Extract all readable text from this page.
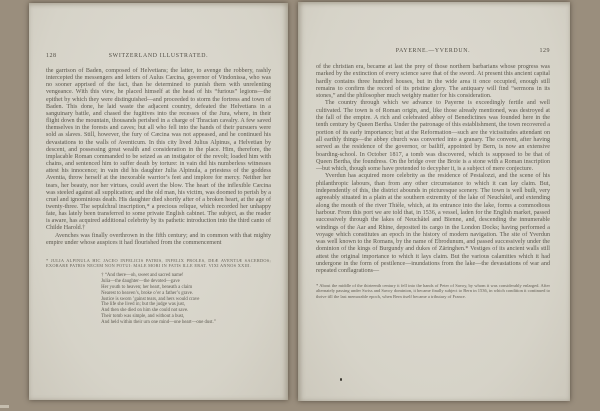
128	SWITZERLAND ILLUSTRATED.

the garrison of Baden, composed of Helvetians; the latter, to avenge the robbery, rashly intercepted the messengers and letters of Aulus Cæcina, governor of Vindonissa, who was no sooner apprised of the fact, than he determined to punish them with unrelenting vengeance. With this view, he placed himself at the head of his “furious” legions—the epithet by which they were distinguished—and proceeded to storm the fortress and town of Baden. This done, he laid waste the adjacent country, defeated the Helvetians in a sanguinary battle, and chased the fugitives into the recesses of the Jura, where, in their flight down the mountain, thousands perished in a charge of Thracian cavalry. A few saved themselves in the forests and caves; but all who fell into the hands of their pursuers were sold as slaves. Still, however, the fury of Cæcina was not appeased, and he continued his devastations to the walls of Aventicum. In this city lived Julius Alpinus, a Helvetian by descent, and possessing great wealth and consideration in the place. Him, therefore, the implacable Roman commanded to be seized as an instigator of the revolt; loaded him with chains, and sentenced him to suffer death by torture: in vain did his numberless witnesses attest his innocence; in vain did his daughter Julia Alpinula, a priestess of the goddess Aventia, throw herself at the inexorable warrior’s feet and implore for mercy. Neither her tears, her beauty, nor her virtues, could avert the blow. The heart of the inflexible Cæcina was steeled against all supplication; and the old man, his victim, was doomed to perish by a cruel and ignominious death. His daughter died shortly after of a broken heart, at the age of twenty-three. The sepulchral inscription,* a precious relique, which recorded her unhappy fate, has lately been transferred to some private English cabinet. The subject, as the reader is aware, has acquired additional celebrity by its pathetic introduction into the third canto of Childe Harold.†

Avenches was finally overthrown in the fifth century; and in common with that mighty empire under whose auspices it had flourished from the commencement

* JULIA ALPINULA HIC JACEO INFELICIS PATRIS, INFELIX PROLES, DEÆ AVENTIÆ SACERDOS; EXORARE PATRIS NECEM NON POTUI: MALE MORI IN FATIS ILLE ERAT. VIXI ANNOS XXIII.

† “And there—oh, sweet and sacred name!
Julia—the daughter—the devoted—gave
Her youth to heaven; her heart, beneath a claim
Nearest to heaven’s, broke o’er a father’s grave.
Justice is sworn ’gainst tears, and hers would crave
The life she lived in; but the judge was just,
And then she died on him she could not save.
Their tomb was simple, and without a bust,
And held within their urn one mind—one heart—one dust.”
PAYERNE.—YVERDUN.	129

of the christian era, became at last the prey of those northern barbarians whose progress was marked by the extinction of every science save that of the sword. At present this ancient capital hardly contains three hundred houses, but in the wide area it once occupied, enough still remains to confirm the record of its pristine glory. The antiquary will find “sermons in its stones,” and the philosopher much weighty matter for his consideration.

The country through which we advance to Payerne is exceedingly fertile and well cultivated. The town is of Roman origin, and, like those already mentioned, was destroyed at the fall of the empire. A rich and celebrated abbey of Benedictines was founded here in the tenth century by Queen Bertha. Under the patronage of this establishment, the town recovered a portion of its early importance; but at the Reformation—such are the vicissitudes attendant on all earthly things—the abbey church was converted into a granary. The convent, after having served as the residence of the governor, or bailiff, appointed by Bern, is now an extensive boarding-school. In October 1817, a tomb was discovered, which is supposed to be that of Queen Bertha, the foundress. On the bridge over the Broie is a stone with a Roman inscription—but which, though some have pretended to decypher it, is a subject of mere conjecture.

Yverdun has acquired more celebrity as the residence of Pestalozzi, and the scene of his philanthropic labours, than from any other circumstance to which it can lay claim. But, independently of this, the district abounds in picturesque scenery. The town is well built, very agreeably situated in a plain at the southern extremity of the lake of Neuchâtel, and extending along the mouth of the river Thièle, which, at its entrance into the lake, forms a commodious harbour. From this port we are told that, in 1536, a vessel, laden for the English market, passed successively through the lakes of Neuchâtel and Bienne, and, descending the innumerable windings of the Aar and Rhine, deposited its cargo in the London Docks; having performed a voyage which constitutes an epoch in the history of modern navigation. The site of Yverdun was well known to the Romans, by the name of Ebrodunum, and passed successively under the dominion of the kings of Burgundy and dukes of Zäringhen.* Vestiges of its ancient walls still attest the original importance to which it lays claim. But the various calamities which it had undergone in the form of pestilence—inundations from the lake—the devastations of war and repeated conflagrations—

* About the middle of the thirteenth century it fell into the hands of Peter of Savoy, by whom it was considerably enlarged. After alternately passing under Swiss and Savoy dominion, it became finally subject to Bern in 1536, in which condition it continued to thrive till the last memorable epoch, when Bern itself became a tributary of France.
